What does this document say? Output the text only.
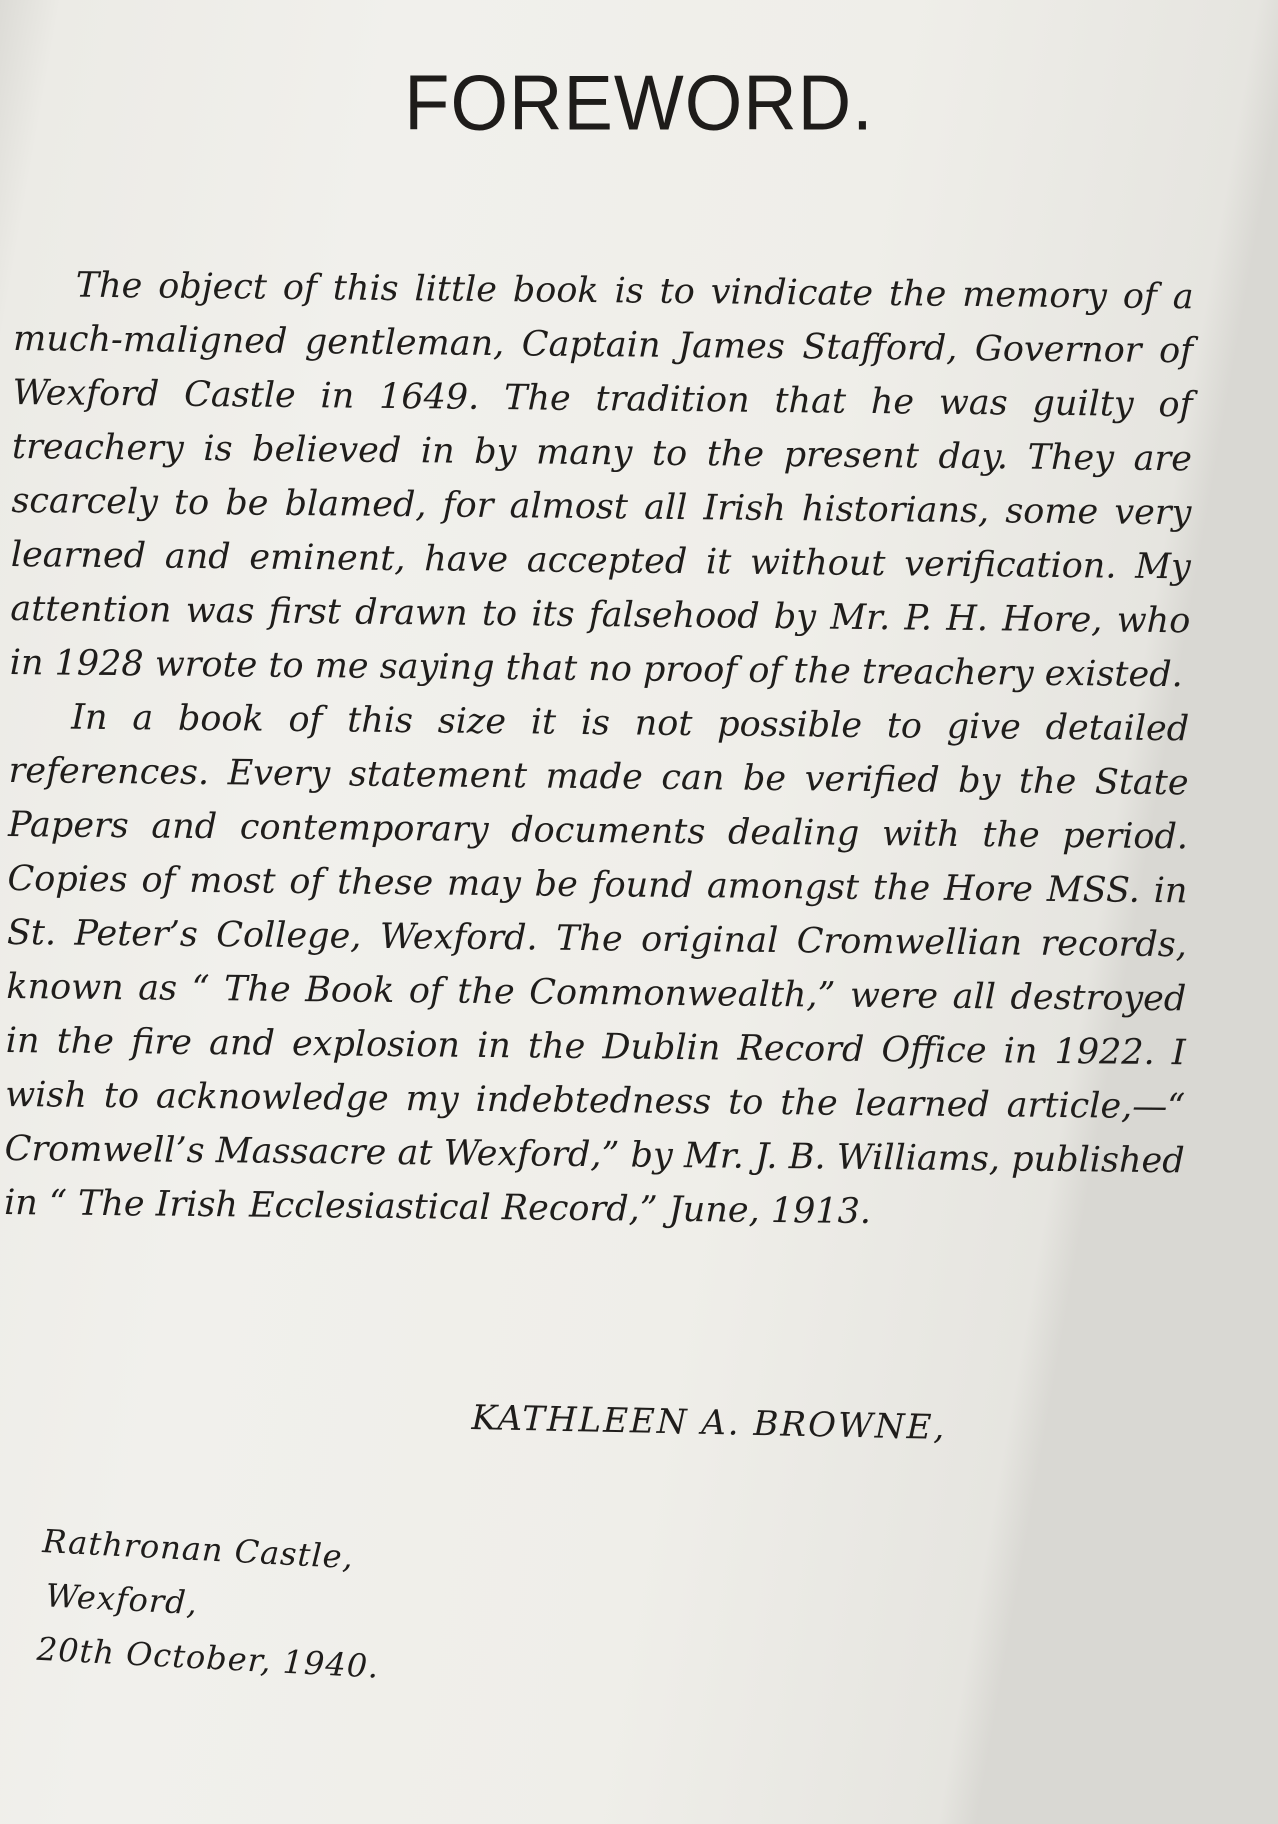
FOREWORD.

The object of this little book is to vindicate the memory of a much-maligned gentleman, Captain James Stafford, Governor of Wexford Castle in 1649. The tradition that he was guilty of treachery is believed in by many to the present day. They are scarcely to be blamed, for almost all Irish historians, some very learned and eminent, have accepted it without verification. My attention was first drawn to its falsehood by Mr. P. H. Hore, who in 1928 wrote to me saying that no proof of the treachery existed.

In a book of this size it is not possible to give detailed references. Every statement made can be verified by the State Papers and contemporary documents dealing with the period. Copies of most of these may be found amongst the Hore MSS. in St. Peter’s College, Wexford. The original Cromwellian records, known as “ The Book of the Commonwealth,” were all destroyed in the fire and explosion in the Dublin Record Office in 1922. I wish to acknowledge my indebtedness to the learned article,—“ Cromwell’s Massacre at Wexford,” by Mr. J. B. Williams, published in “ The Irish Ecclesiastical Record,” June, 1913.

KATHLEEN A. BROWNE,
Rathronan Castle,
Wexford,
20th October, 1940.
